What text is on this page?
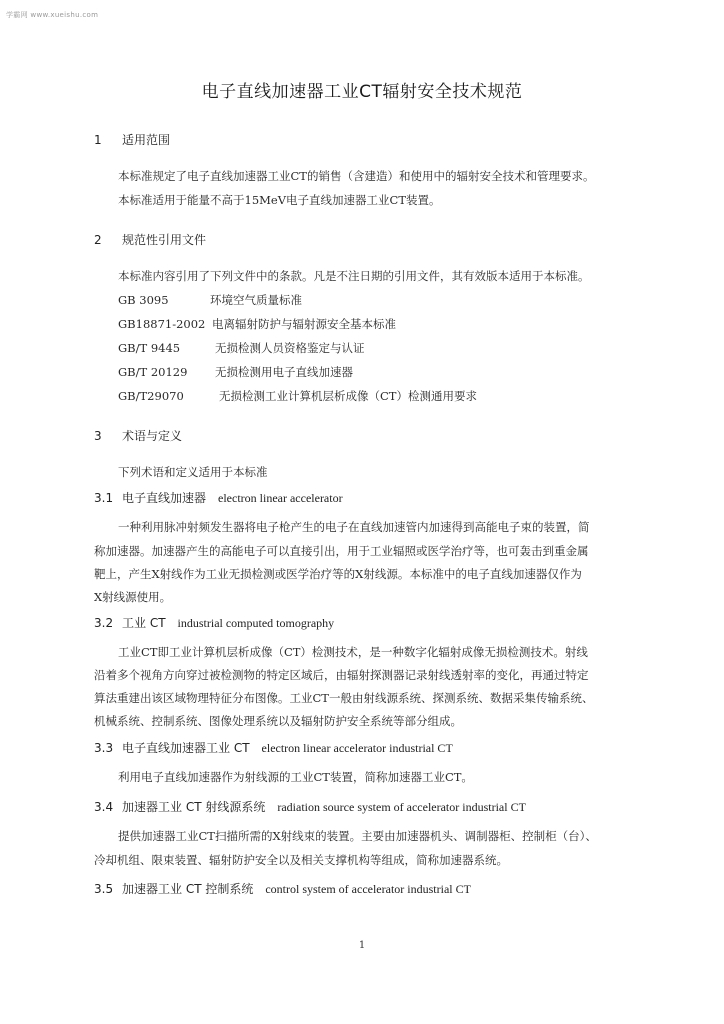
学霸网 www.xueishu.com
电子直线加速器工业CT辐射安全技术规范
1 适用范围
本标准规定了电子直线加速器工业CT的销售（含建造）和使用中的辐射安全技术和管理要求。
本标准适用于能量不高于15MeV电子直线加速器工业CT装置。
2 规范性引用文件
本标准内容引用了下列文件中的条款。凡是不注日期的引用文件，其有效版本适用于本标准。
GB 3095	环境空气质量标准
GB18871-2002 电离辐射防护与辐射源安全基本标准
GB/T 9445	无损检测人员资格鉴定与认证
GB/T 20129 无损检测用电子直线加速器
GB/T29070	无损检测工业计算机层析成像（CT）检测通用要求
3 术语与定义
下列术语和定义适用于本标准
3.1 电子直线加速器 electron linear accelerator
一种利用脉冲射频发生器将电子枪产生的电子在直线加速管内加速得到高能电子束的装置，简
称加速器。加速器产生的高能电子可以直接引出，用于工业辐照或医学治疗等，也可轰击到重金属
靶上，产生X射线作为工业无损检测或医学治疗等的X射线源。本标准中的电子直线加速器仅作为
X射线源使用。
3.2 工业 CT industrial computed tomography
工业CT即工业计算机层析成像（CT）检测技术，是一种数字化辐射成像无损检测技术。射线
沿着多个视角方向穿过被检测物的特定区域后，由辐射探测器记录射线透射率的变化，再通过特定
算法重建出该区域物理特征分布图像。工业CT一般由射线源系统、探测系统、数据采集传输系统、
机械系统、控制系统、图像处理系统以及辐射防护安全系统等部分组成。
3.3 电子直线加速器工业 CT electron linear accelerator industrial CT
利用电子直线加速器作为射线源的工业CT装置，简称加速器工业CT。
3.4 加速器工业 CT 射线源系统 radiation source system of accelerator industrial CT
提供加速器工业CT扫描所需的X射线束的装置。主要由加速器机头、调制器柜、控制柜（台）、
冷却机组、限束装置、辐射防护安全以及相关支撑机构等组成，简称加速器系统。
3.5 加速器工业 CT 控制系统 control system of accelerator industrial CT
1
